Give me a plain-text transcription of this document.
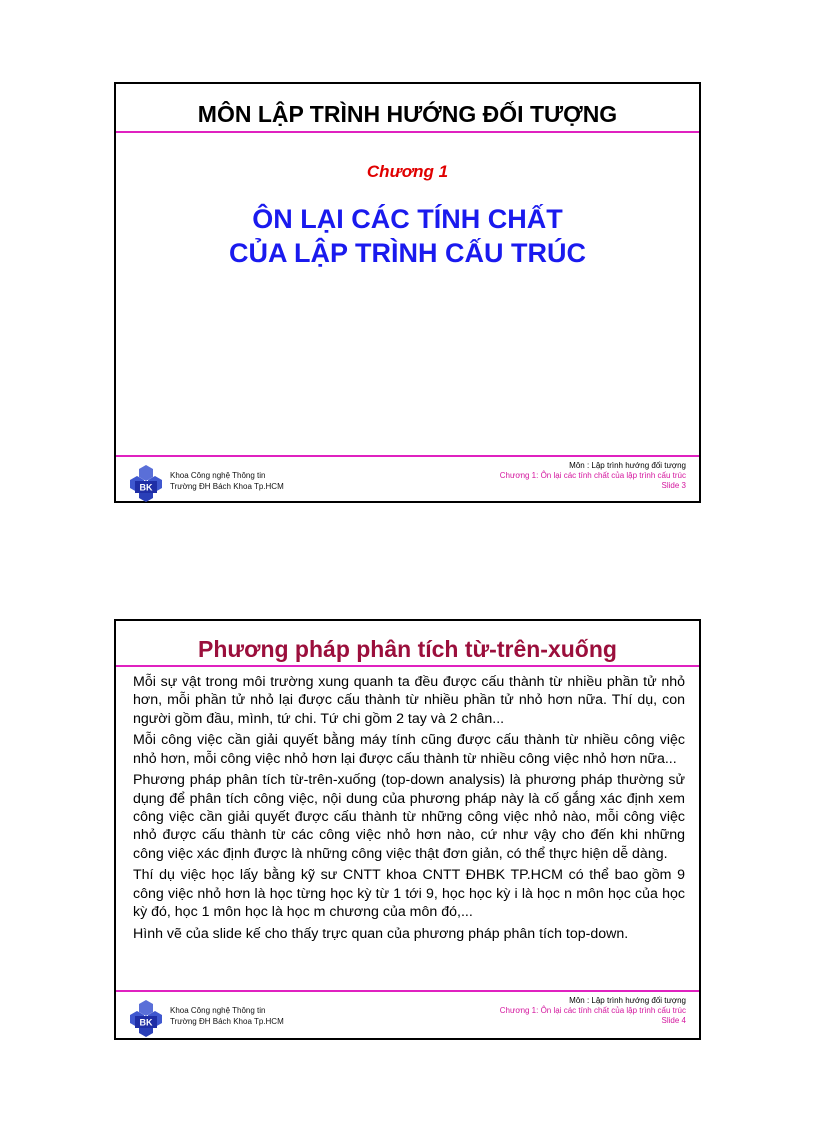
MÔN LẬP TRÌNH HƯỚNG ĐỐI TƯỢNG
Chương 1
ÔN LẠI CÁC TÍNH CHẤT
CỦA LẬP TRÌNH CẤU TRÚC
BK
Khoa Công nghệ Thông tin
Trường ĐH Bách Khoa Tp.HCM
Môn : Lập trình hướng đối tượng
Chương 1: Ôn lại các tính chất của lập trình cấu trúc
Slide 3
Phương pháp phân tích từ-trên-xuống

Mỗi sự vật trong môi trường xung quanh ta đều được cấu thành từ nhiều phần tử nhỏ hơn, mỗi phần tử nhỏ lại được cấu thành từ nhiều phần tử nhỏ hơn nữa. Thí dụ, con người gồm đầu, mình, tứ chi. Tứ chi gồm 2 tay và 2 chân...

Mỗi công việc cần giải quyết bằng máy tính cũng được cấu thành từ nhiều công việc nhỏ hơn, mỗi công việc nhỏ hơn lại được cấu thành từ nhiều công việc nhỏ hơn nữa...

Phương pháp phân tích từ-trên-xuống (top-down analysis) là phương pháp thường sử dụng để phân tích công việc, nội dung của phương pháp này là cố gắng xác định xem công việc cần giải quyết được cấu thành từ những công việc nhỏ nào, mỗi công việc nhỏ được cấu thành từ các công việc nhỏ hơn nào, cứ như vậy cho đến khi những công việc xác định được là những công việc thật đơn giản, có thể thực hiện dễ dàng.

Thí dụ việc học lấy bằng kỹ sư CNTT khoa CNTT ĐHBK TP.HCM có thể bao gồm 9 công việc nhỏ hơn là học từng học kỳ từ 1 tới 9, học học kỳ i là học n môn học của học kỳ đó, học 1 môn học là học m chương của môn đó,...

Hình vẽ của slide kế cho thấy trực quan của phương pháp phân tích top-down.

BK
Khoa Công nghệ Thông tin
Trường ĐH Bách Khoa Tp.HCM
Môn : Lập trình hướng đối tượng
Chương 1: Ôn lại các tính chất của lập trình cấu trúc
Slide 4
